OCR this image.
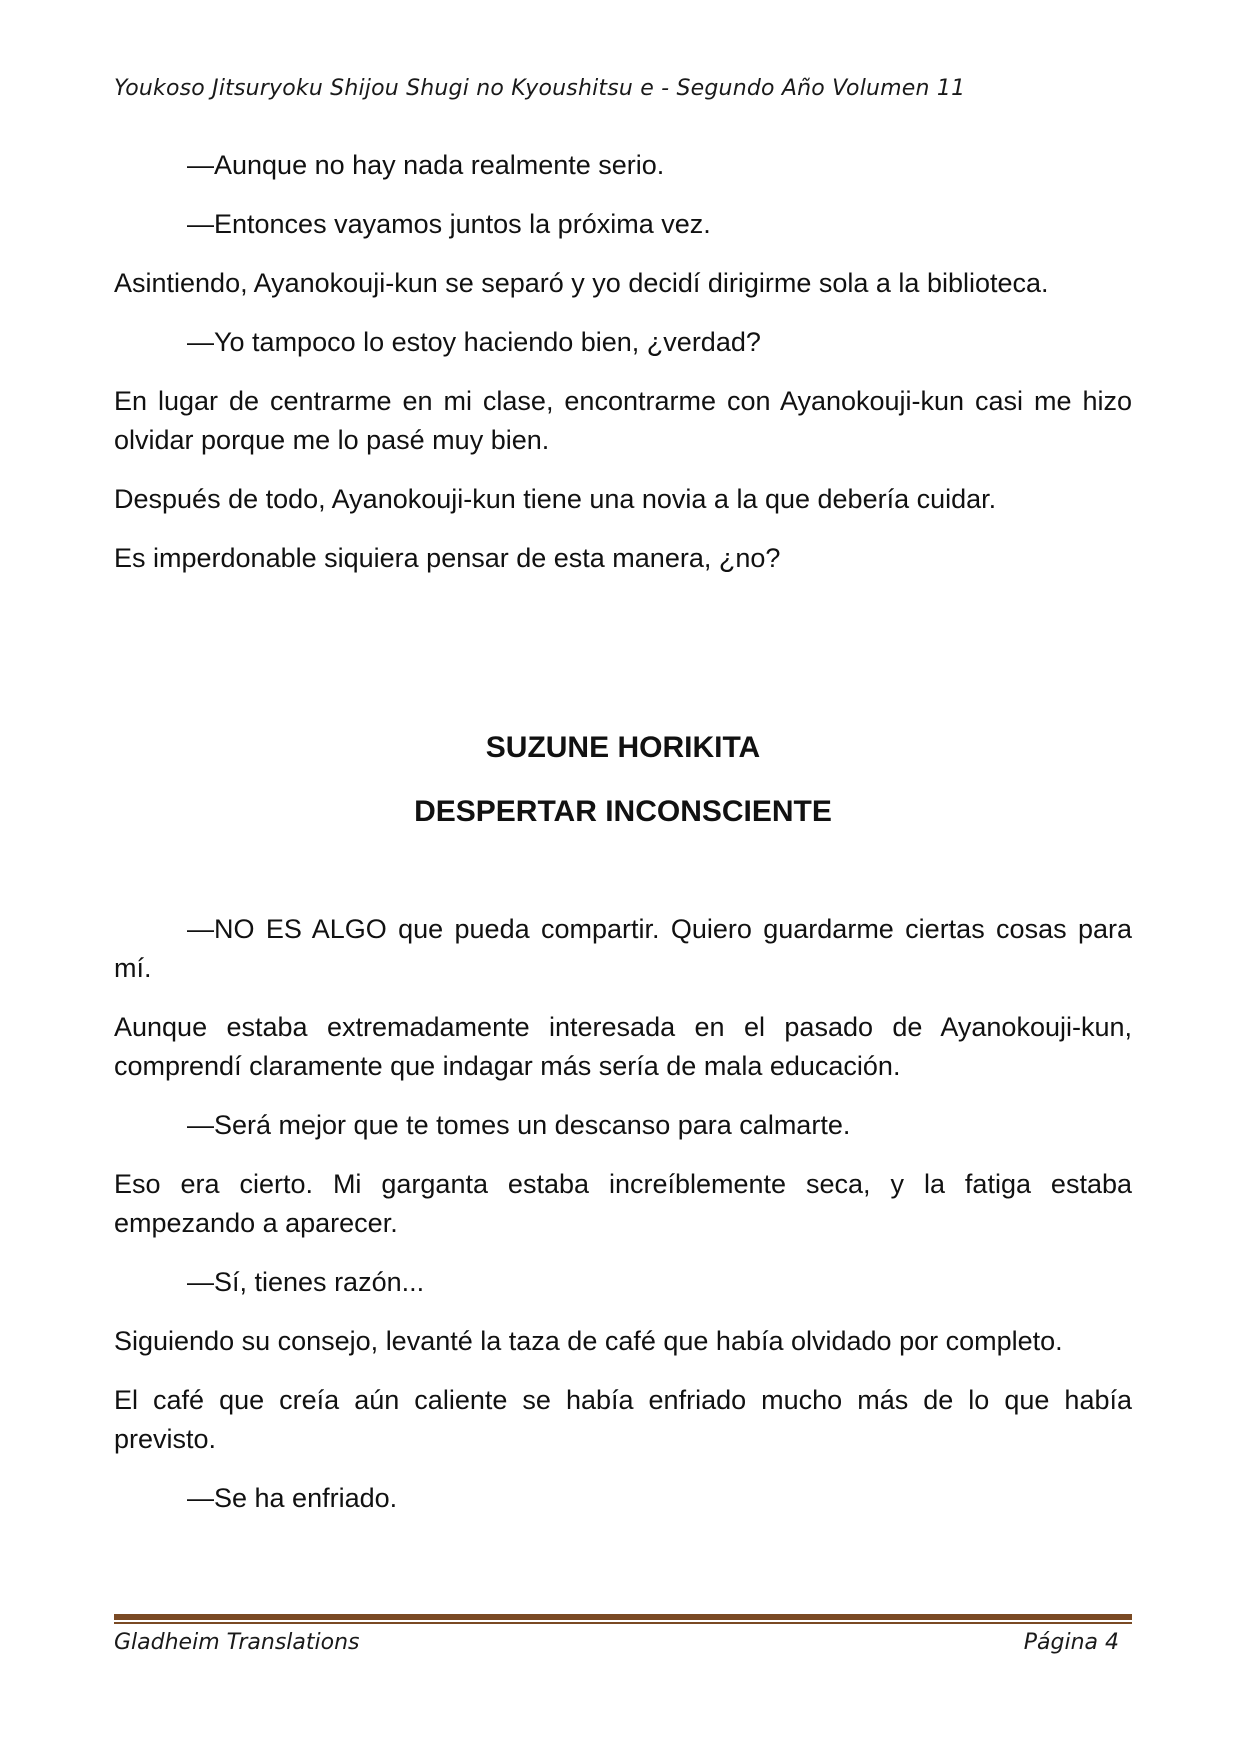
Youkoso Jitsuryoku Shijou Shugi no Kyoushitsu e - Segundo Año Volumen 11

—Aunque no hay nada realmente serio.

—Entonces vayamos juntos la próxima vez.

Asintiendo, Ayanokouji-kun se separó y yo decidí dirigirme sola a la biblioteca.

—Yo tampoco lo estoy haciendo bien, ¿verdad?

En lugar de centrarme en mi clase, encontrarme con Ayanokouji-kun casi me hizo olvidar porque me lo pasé muy bien.

Después de todo, Ayanokouji-kun tiene una novia a la que debería cuidar.

Es imperdonable siquiera pensar de esta manera, ¿no?

SUZUNE HORIKITA
DESPERTAR INCONSCIENTE

—NO ES ALGO que pueda compartir. Quiero guardarme ciertas cosas para mí.

Aunque estaba extremadamente interesada en el pasado de Ayanokouji-kun, comprendí claramente que indagar más sería de mala educación.

—Será mejor que te tomes un descanso para calmarte.

Eso era cierto. Mi garganta estaba increíblemente seca, y la fatiga estaba empezando a aparecer.

—Sí, tienes razón...

Siguiendo su consejo, levanté la taza de café que había olvidado por completo.

El café que creía aún caliente se había enfriado mucho más de lo que había previsto.

—Se ha enfriado.

Gladheim Translations	Página 4
